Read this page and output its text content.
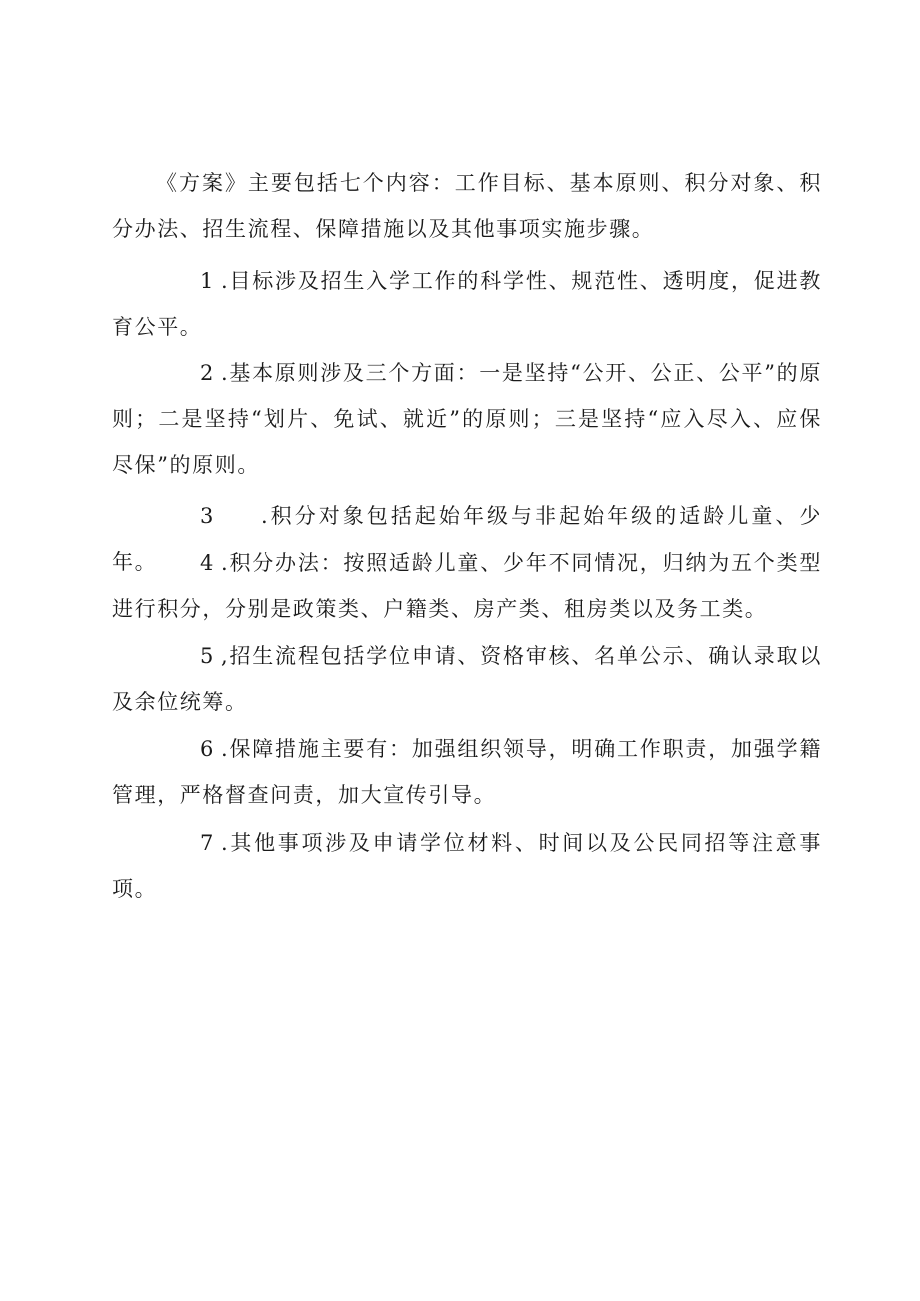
《方案》主要包括七个内容：工作目标、基本原则、积分对象、积分办法、招生流程、保障措施以及其他事项实施步骤。

1 .目标涉及招生入学工作的科学性、规范性、透明度，促进教育公平。

2 .基本原则涉及三个方面：一是坚持“公开、公正、公平”的原则；二是坚持“划片、免试、就近”的原则；三是坚持“应入尽入、应保尽保”的原则。

3 .积分对象包括起始年级与非起始年级的适龄儿童、少年。	4 .积分办法：按照适龄儿童、少年不同情况，归纳为五个类型进行积分，分别是政策类、户籍类、房产类、租房类以及务工类。

5 ,招生流程包括学位申请、资格审核、名单公示、确认录取以及余位统筹。

6 .保障措施主要有：加强组织领导，明确工作职责，加强学籍管理，严格督查问责，加大宣传引导。

7 .其他事项涉及申请学位材料、时间以及公民同招等注意事项。
